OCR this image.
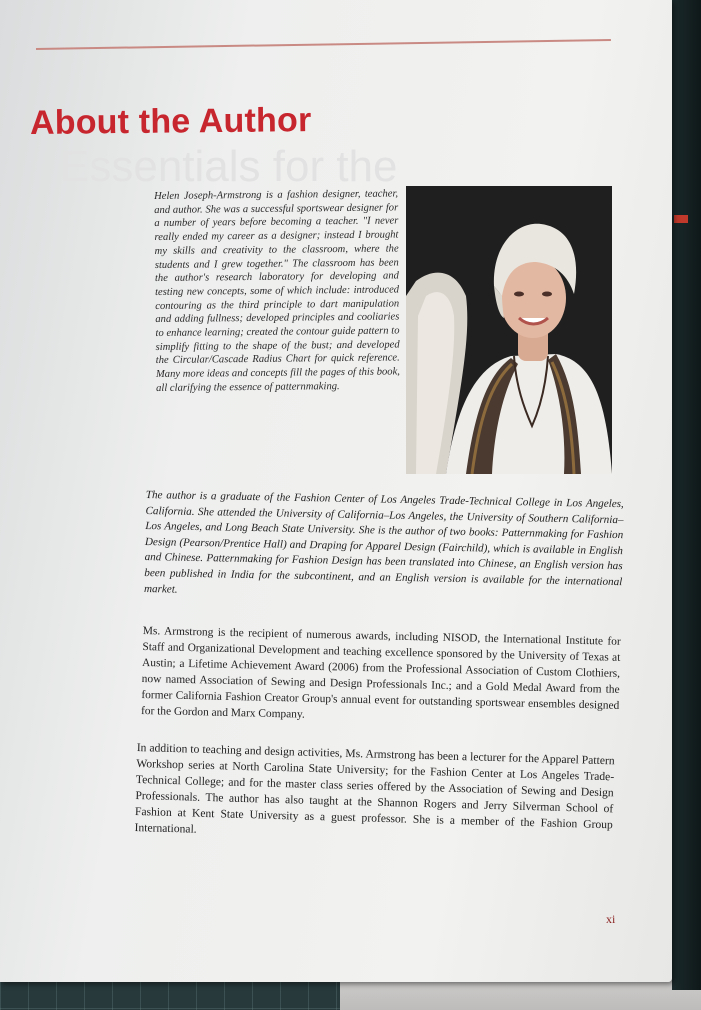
Essentials for the
About the Author

Helen Joseph-Armstrong is a fashion designer, teacher, and author. She was a successful sportswear designer for a number of years before becoming a teacher. "I never really ended my career as a designer; instead I brought my skills and creativity to the classroom, where the students and I grew together." The classroom has been the author's research laboratory for developing and testing new concepts, some of which include: introduced contouring as the third principle to dart manipulation and adding fullness; developed principles and cooliaries to enhance learning; created the contour guide pattern to simplify fitting to the shape of the bust; and developed the Circular/Cascade Radius Chart for quick reference. Many more ideas and concepts fill the pages of this book, all clarifying the essence of patternmaking.

The author is a graduate of the Fashion Center of Los Angeles Trade-Technical College in Los Angeles, California. She attended the University of California–Los Angeles, the University of Southern California–Los Angeles, and Long Beach State University. She is the author of two books: Patternmaking for Fashion Design (Pearson/Prentice Hall) and Draping for Apparel Design (Fairchild), which is available in English and Chinese. Patternmaking for Fashion Design has been translated into Chinese, an English version has been published in India for the subcontinent, and an English version is available for the international market.

Ms. Armstrong is the recipient of numerous awards, including NISOD, the International Institute for Staff and Organizational Development and teaching excellence sponsored by the University of Texas at Austin; a Lifetime Achievement Award (2006) from the Professional Association of Custom Clothiers, now named Association of Sewing and Design Professionals Inc.; and a Gold Medal Award from the former California Fashion Creator Group's annual event for outstanding sportswear ensembles designed for the Gordon and Marx Company.

In addition to teaching and design activities, Ms. Armstrong has been a lecturer for the Apparel Pattern Workshop series at North Carolina State University; for the Fashion Center at Los Angeles Trade-Technical College; and for the master class series offered by the Association of Sewing and Design Professionals. The author has also taught at the Shannon Rogers and Jerry Silverman School of Fashion at Kent State University as a guest professor. She is a member of the Fashion Group International.

xi
